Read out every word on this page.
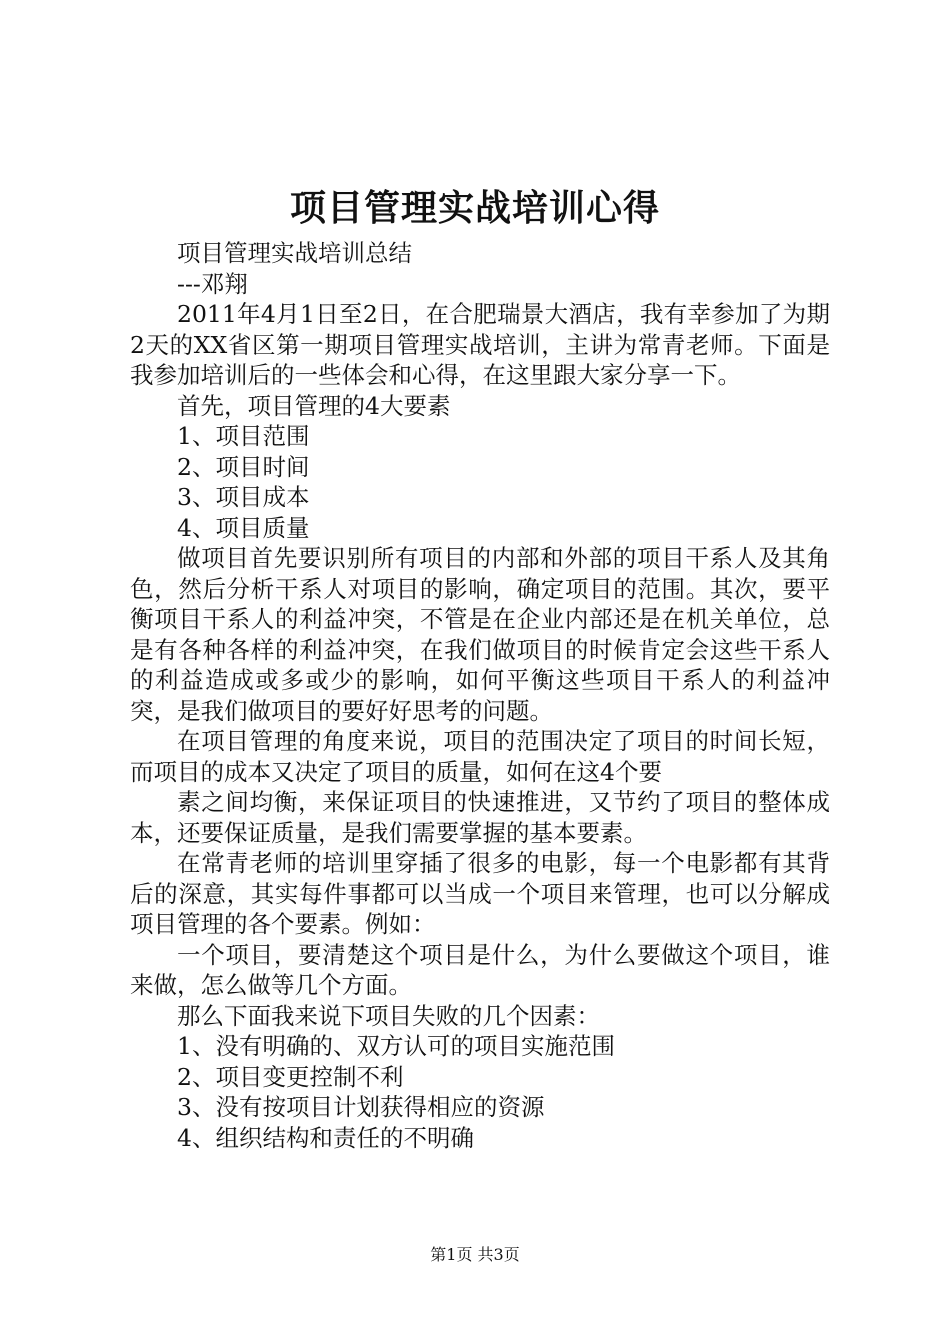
项目管理实战培训心得

项目管理实战培训总结

---邓翔

2011年4月1日至2日，在合肥瑞景大酒店，我有幸参加了为期2天的XX省区第一期项目管理实战培训，主讲为常青老师。下面是我参加培训后的一些体会和心得，在这里跟大家分享一下。

首先，项目管理的4大要素

1、项目范围

2、项目时间

3、项目成本

4、项目质量

做项目首先要识别所有项目的内部和外部的项目干系人及其角色，然后分析干系人对项目的影响，确定项目的范围。其次，要平衡项目干系人的利益冲突，不管是在企业内部还是在机关单位，总是有各种各样的利益冲突，在我们做项目的时候肯定会这些干系人的利益造成或多或少的影响，如何平衡这些项目干系人的利益冲突，是我们做项目的要好好思考的问题。

在项目管理的角度来说，项目的范围决定了项目的时间长短，而项目的成本又决定了项目的质量，如何在这4个要

素之间均衡，来保证项目的快速推进，又节约了项目的整体成本，还要保证质量，是我们需要掌握的基本要素。

在常青老师的培训里穿插了很多的电影，每一个电影都有其背后的深意，其实每件事都可以当成一个项目来管理，也可以分解成项目管理的各个要素。例如：

一个项目，要清楚这个项目是什么，为什么要做这个项目，谁来做，怎么做等几个方面。

那么下面我来说下项目失败的几个因素：

1、没有明确的、双方认可的项目实施范围

2、项目变更控制不利

3、没有按项目计划获得相应的资源

4、组织结构和责任的不明确

第1页 共3页
